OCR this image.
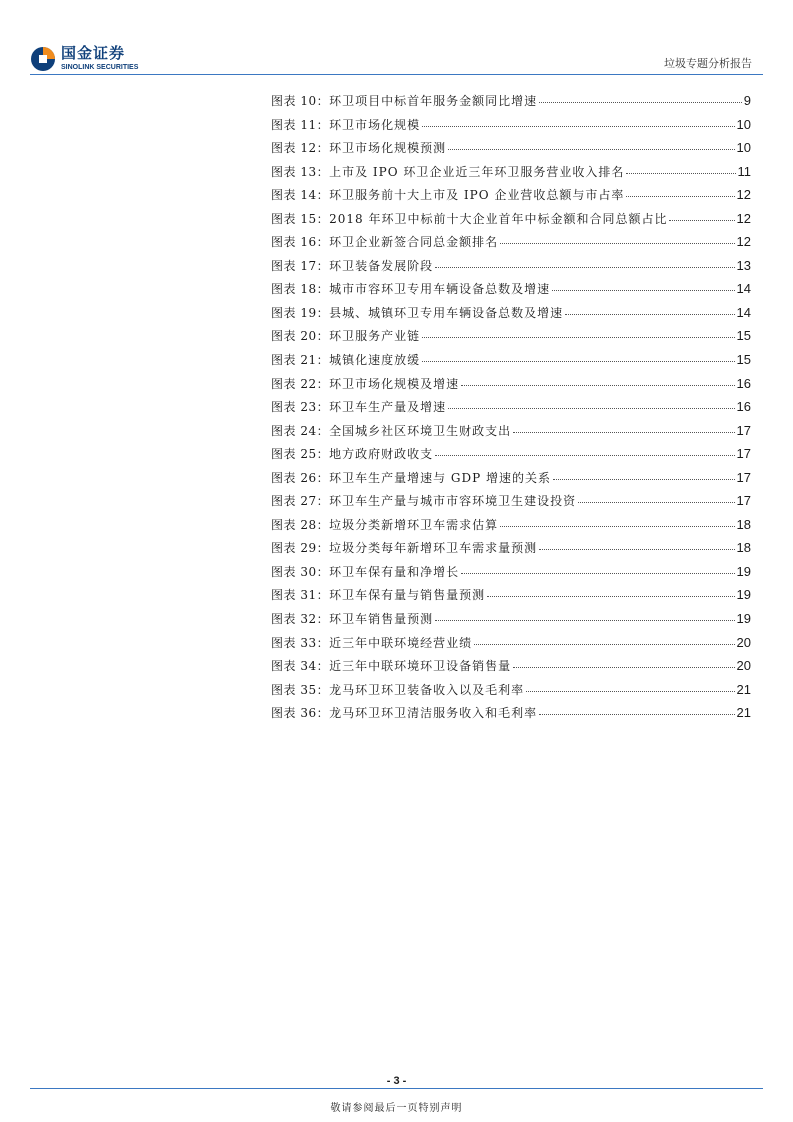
国金证券
SINOLINK SECURITIES	垃圾专题分析报告
图表 10： 环卫项目中标首年服务金额同比增速	9
图表 11： 环卫市场化规模	10
图表 12： 环卫市场化规模预测	10
图表 13： 上市及 IPO 环卫企业近三年环卫服务营业收入排名	11
图表 14： 环卫服务前十大上市及 IPO 企业营收总额与市占率	12
图表 15： 2018 年环卫中标前十大企业首年中标金额和合同总额占比	12
图表 16： 环卫企业新签合同总金额排名	12
图表 17： 环卫装备发展阶段	13
图表 18： 城市市容环卫专用车辆设备总数及增速	14
图表 19： 县城、城镇环卫专用车辆设备总数及增速	14
图表 20： 环卫服务产业链	15
图表 21： 城镇化速度放缓	15
图表 22： 环卫市场化规模及增速	16
图表 23： 环卫车生产量及增速	16
图表 24： 全国城乡社区环境卫生财政支出	17
图表 25： 地方政府财政收支	17
图表 26： 环卫车生产量增速与 GDP 增速的关系	17
图表 27： 环卫车生产量与城市市容环境卫生建设投资	17
图表 28： 垃圾分类新增环卫车需求估算	18
图表 29： 垃圾分类每年新增环卫车需求量预测	18
图表 30： 环卫车保有量和净增长	19
图表 31： 环卫车保有量与销售量预测	19
图表 32： 环卫车销售量预测	19
图表 33： 近三年中联环境经营业绩	20
图表 34： 近三年中联环境环卫设备销售量	20
图表 35： 龙马环卫环卫装备收入以及毛利率	21
图表 36： 龙马环卫环卫清洁服务收入和毛利率	21
- 3 -
敬请参阅最后一页特别声明
